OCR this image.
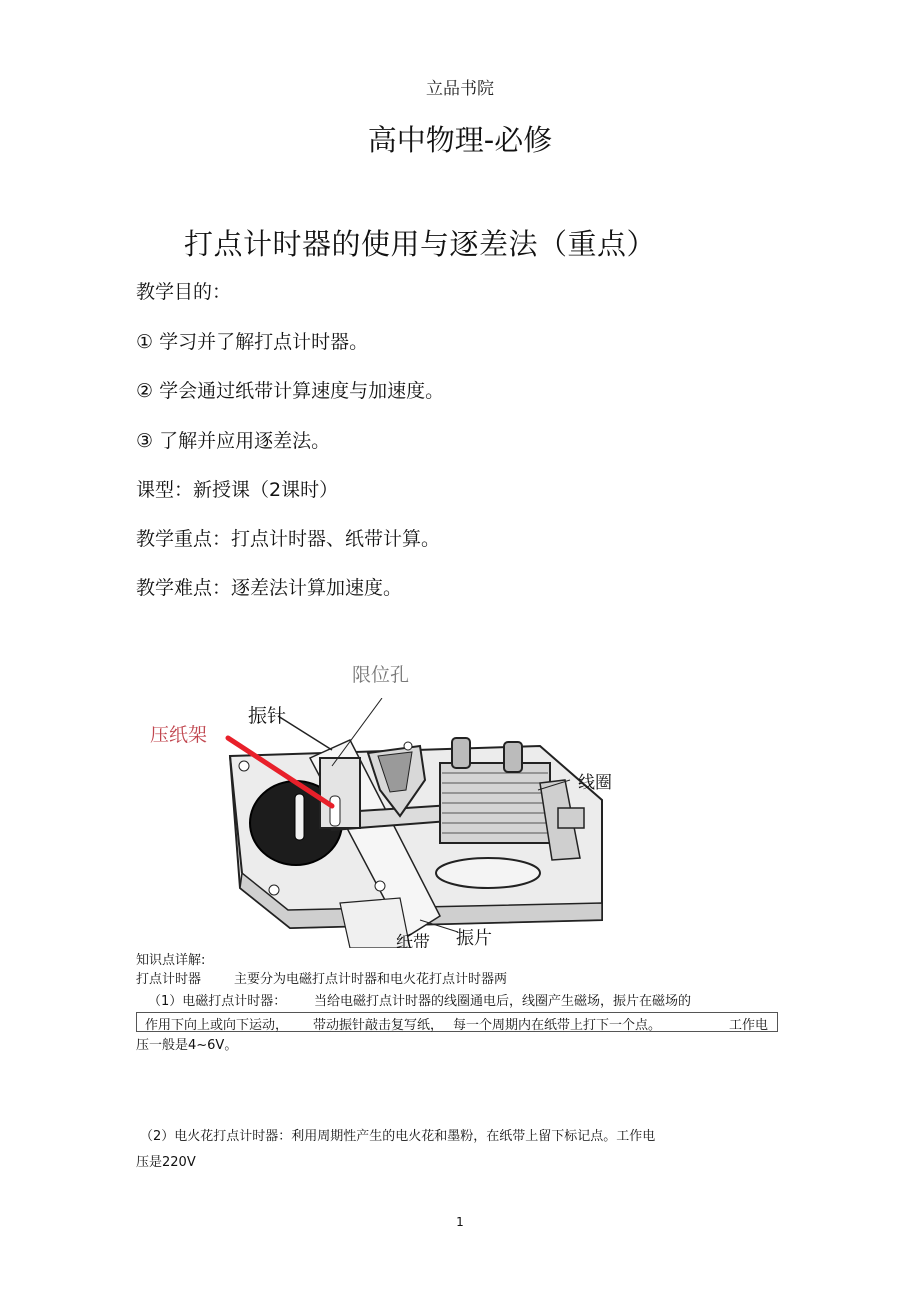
立品书院
高中物理-必修
打点计时器的使用与逐差法（重点）
教学目的：
① 学习并了解打点计时器。
② 学会通过纸带计算速度与加速度。
③ 了解并应用逐差法。
课型：新授课（2课时）
教学重点：打点计时器、纸带计算。
教学难点：逐差法计算加速度。
限位孔
压纸架
振针
线圈
纸带 振片
知识点详解:
打点计时器	主要分为电磁打点计时器和电火花打点计时器两
（1）电磁打点计时器： 当给电磁打点计时器的线圈通电后，线圈产生磁场，振片在磁场的
作用下向上或向下运动， 带动振针敲击复写纸， 每一个周期内在纸带上打下一个点。	工作电
压一般是4~6V。
（2）电火花打点计时器：利用周期性产生的电火花和墨粉，在纸带上留下标记点。工作电
压是220V
1
